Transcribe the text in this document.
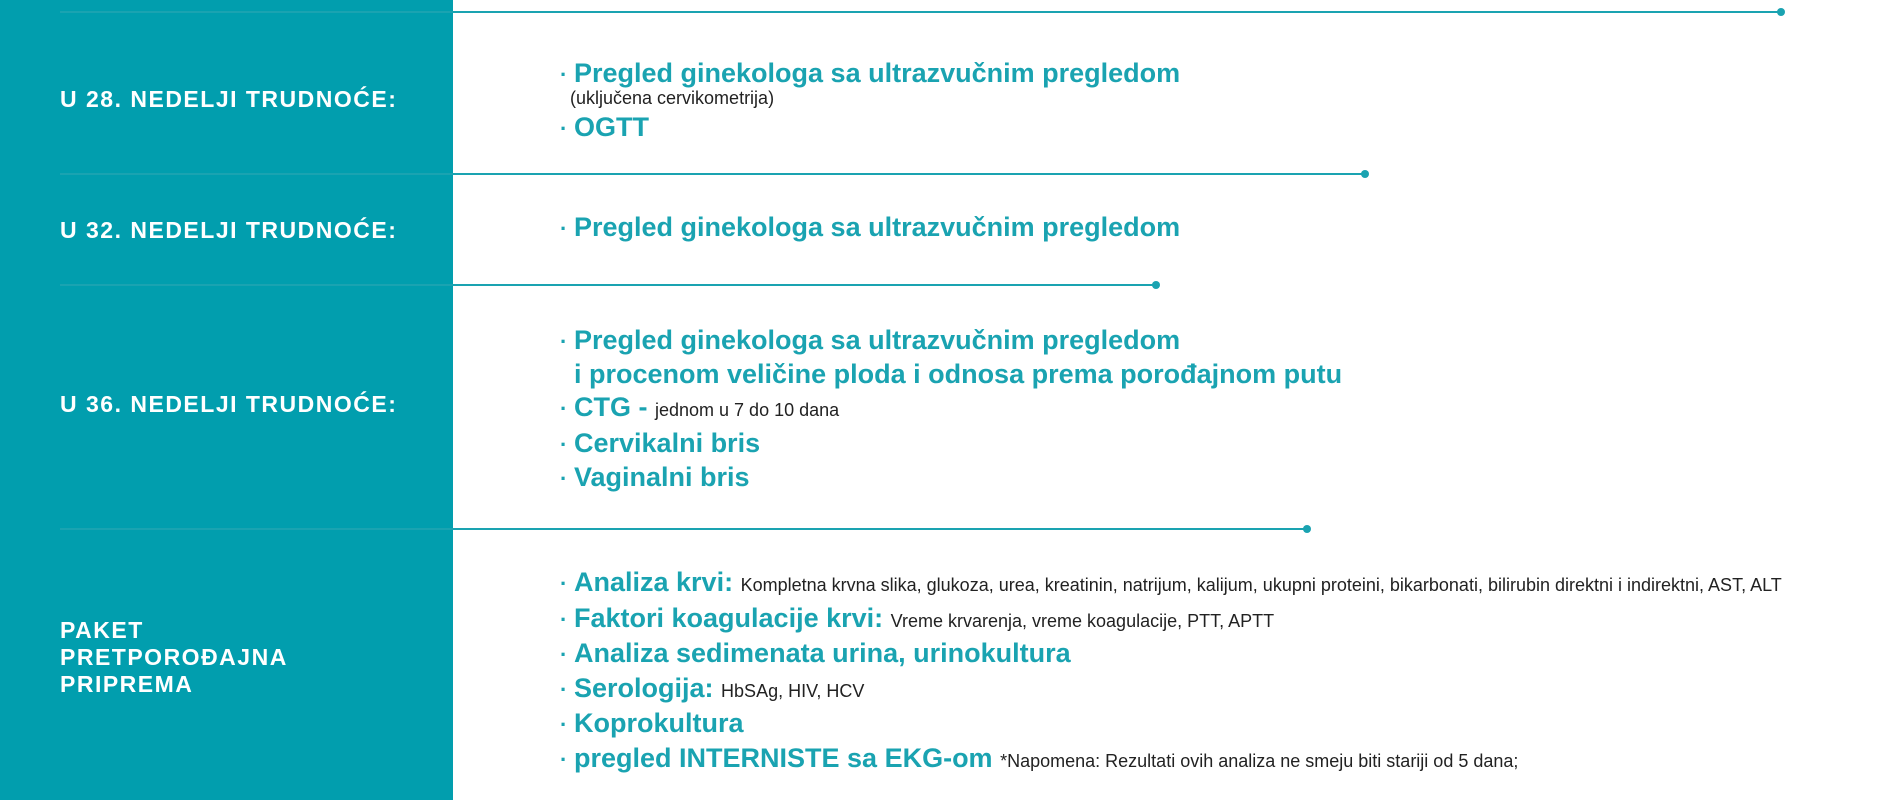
U 28. NEDELJI TRUDNOĆE:
· Pregled ginekologa sa ultrazvučnim pregledom
(uključena cervikometrija)
· OGTT
U 32. NEDELJI TRUDNOĆE:	· Pregled ginekologa sa ultrazvučnim pregledom
U 36. NEDELJI TRUDNOĆE:
· Pregled ginekologa sa ultrazvučnim pregledom
i procenom veličine ploda i odnosa prema porođajnom putu
· CTG - jednom u 7 do 10 dana
· Cervikalni bris
· Vaginalni bris
PAKET
PRETPOROĐAJNA
PRIPREMA
· Analiza krvi: Kompletna krvna slika, glukoza, urea, kreatinin, natrijum, kalijum, ukupni proteini, bikarbonati, bilirubin direktni i indirektni, AST, ALT
· Faktori koagulacije krvi: Vreme krvarenja, vreme koagulacije, PTT, APTT
· Analiza sedimenata urina, urinokultura
· Serologija: HbSAg, HIV, HCV
· Koprokultura
· pregled INTERNISTE sa EKG-om *Napomena: Rezultati ovih analiza ne smeju biti stariji od 5 dana;
